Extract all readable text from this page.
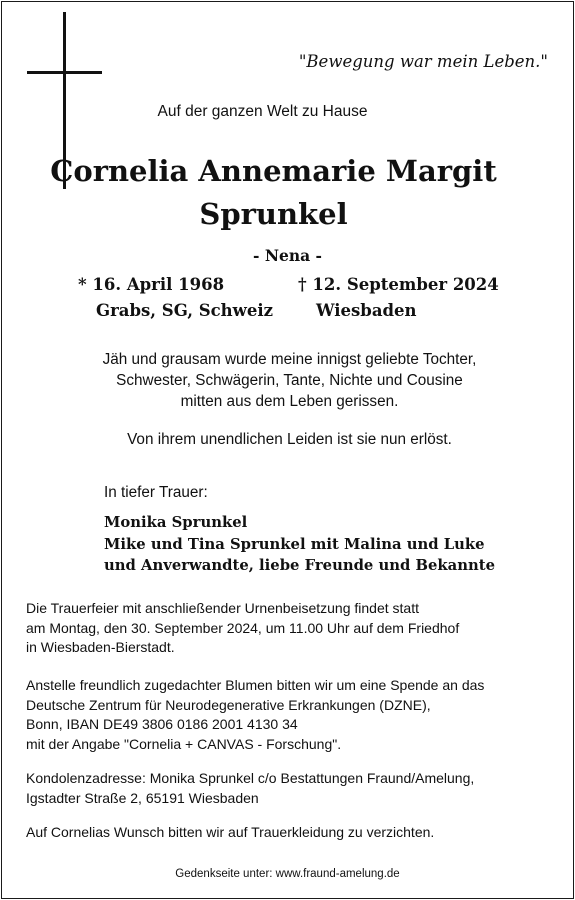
"Bewegung war mein Leben."
Auf der ganzen Welt zu Hause
Cornelia Annemarie Margit
Sprunkel
- Nena -
* 16. April 1968
Grabs, SG, Schweiz
† 12. September 2024
Wiesbaden
Jäh und grausam wurde meine innigst geliebte Tochter,
Schwester, Schwägerin, Tante, Nichte und Cousine
mitten aus dem Leben gerissen.
Von ihrem unendlichen Leiden ist sie nun erlöst.
In tiefer Trauer:
Monika Sprunkel
Mike und Tina Sprunkel mit Malina und Luke
und Anverwandte, liebe Freunde und Bekannte
Die Trauerfeier mit anschließender Urnenbeisetzung findet statt
am Montag, den 30. September 2024, um 11.00 Uhr auf dem Friedhof
in Wiesbaden-Bierstadt.
Anstelle freundlich zugedachter Blumen bitten wir um eine Spende an das
Deutsche Zentrum für Neurodegenerative Erkrankungen (DZNE),
Bonn, IBAN DE49 3806 0186 2001 4130 34
mit der Angabe "Cornelia + CANVAS - Forschung".
Kondolenzadresse: Monika Sprunkel c/o Bestattungen Fraund/Amelung,
Igstadter Straße 2, 65191 Wiesbaden
Auf Cornelias Wunsch bitten wir auf Trauerkleidung zu verzichten.
Gedenkseite unter: www.fraund-amelung.de
